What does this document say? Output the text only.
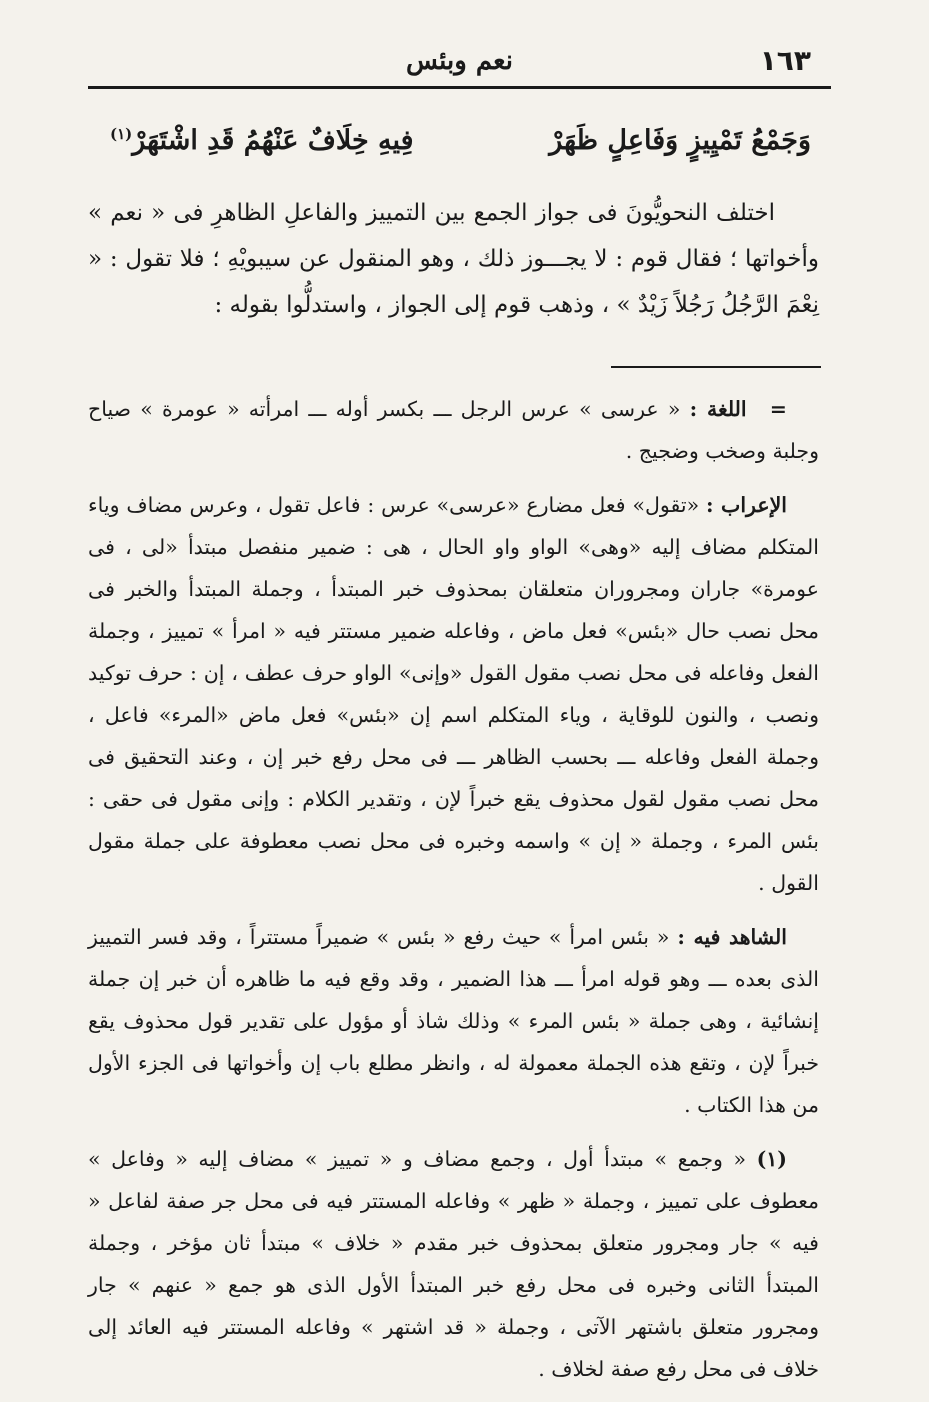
١٦٣
نعم وبئس
وَجَمْعُ تَمْيِيزٍ وَفَاعِلٍ ظَهَرْ
فِيهِ خِلَافٌ عَنْهُمُ قَدِ اشْتَهَرْ$^{(١)}$

اختلف النحويُّونَ فى جواز الجمع بين التمييز والفاعلِ الظاهرِ فى « نعم » وأخواتها ؛ فقال قوم : لا يجـــوز ذلك ، وهو المنقول عن سيبويْهِ ؛ فلا تقول : « نِعْمَ الرَّجُلُ رَجُلاً زَيْدٌ » ، وذهب قوم إلى الجواز ، واستدلُّوا بقوله :

= اللغة : « عرسى » عرس الرجل ـــ بكسر أوله ـــ امرأته « عومرة » صياح وجلبة وصخب وضجيج .

الإعراب : «تقول» فعل مضارع «عرسى» عرس : فاعل تقول ، وعرس مضاف وياء المتكلم مضاف إليه «وهى» الواو واو الحال ، هى : ضمير منفصل مبتدأ «لى ، فى عومرة» جاران ومجروران متعلقان بمحذوف خبر المبتدأ ، وجملة المبتدأ والخبر فى محل نصب حال «بئس» فعل ماض ، وفاعله ضمير مستتر فيه « امرأ » تمييز ، وجملة الفعل وفاعله فى محل نصب مقول القول «وإنى» الواو حرف عطف ، إن : حرف توكيد ونصب ، والنون للوقاية ، وياء المتكلم اسم إن «بئس» فعل ماض «المرء» فاعل ، وجملة الفعل وفاعله ـــ بحسب الظاهر ـــ فى محل رفع خبر إن ، وعند التحقيق فى محل نصب مقول لقول محذوف يقع خبراً لإن ، وتقدير الكلام : وإنى مقول فى حقى : بئس المرء ، وجملة « إن » واسمه وخبره فى محل نصب معطوفة على جملة مقول القول .

الشاهد فيه : « بئس امرأ » حيث رفع « بئس » ضميراً مستتراً ، وقد فسر التمييز الذى بعده ـــ وهو قوله امرأ ـــ هذا الضمير ، وقد وقع فيه ما ظاهره أن خبر إن جملة إنشائية ، وهى جملة « بئس المرء » وذلك شاذ أو مؤول على تقدير قول محذوف يقع خبراً لإن ، وتقع هذه الجملة معمولة له ، وانظر مطلع باب إن وأخواتها فى الجزء الأول من هذا الكتاب .

(١) « وجمع » مبتدأ أول ، وجمع مضاف و « تمييز » مضاف إليه « وفاعل » معطوف على تمييز ، وجملة « ظهر » وفاعله المستتر فيه فى محل جر صفة لفاعل « فيه » جار ومجرور متعلق بمحذوف خبر مقدم « خلاف » مبتدأ ثان مؤخر ، وجملة المبتدأ الثانى وخبره فى محل رفع خبر المبتدأ الأول الذى هو جمع « عنهم » جار ومجرور متعلق باشتهر الآتى ، وجملة « قد اشتهر » وفاعله المستتر فيه العائد إلى خلاف فى محل رفع صفة لخلاف .
